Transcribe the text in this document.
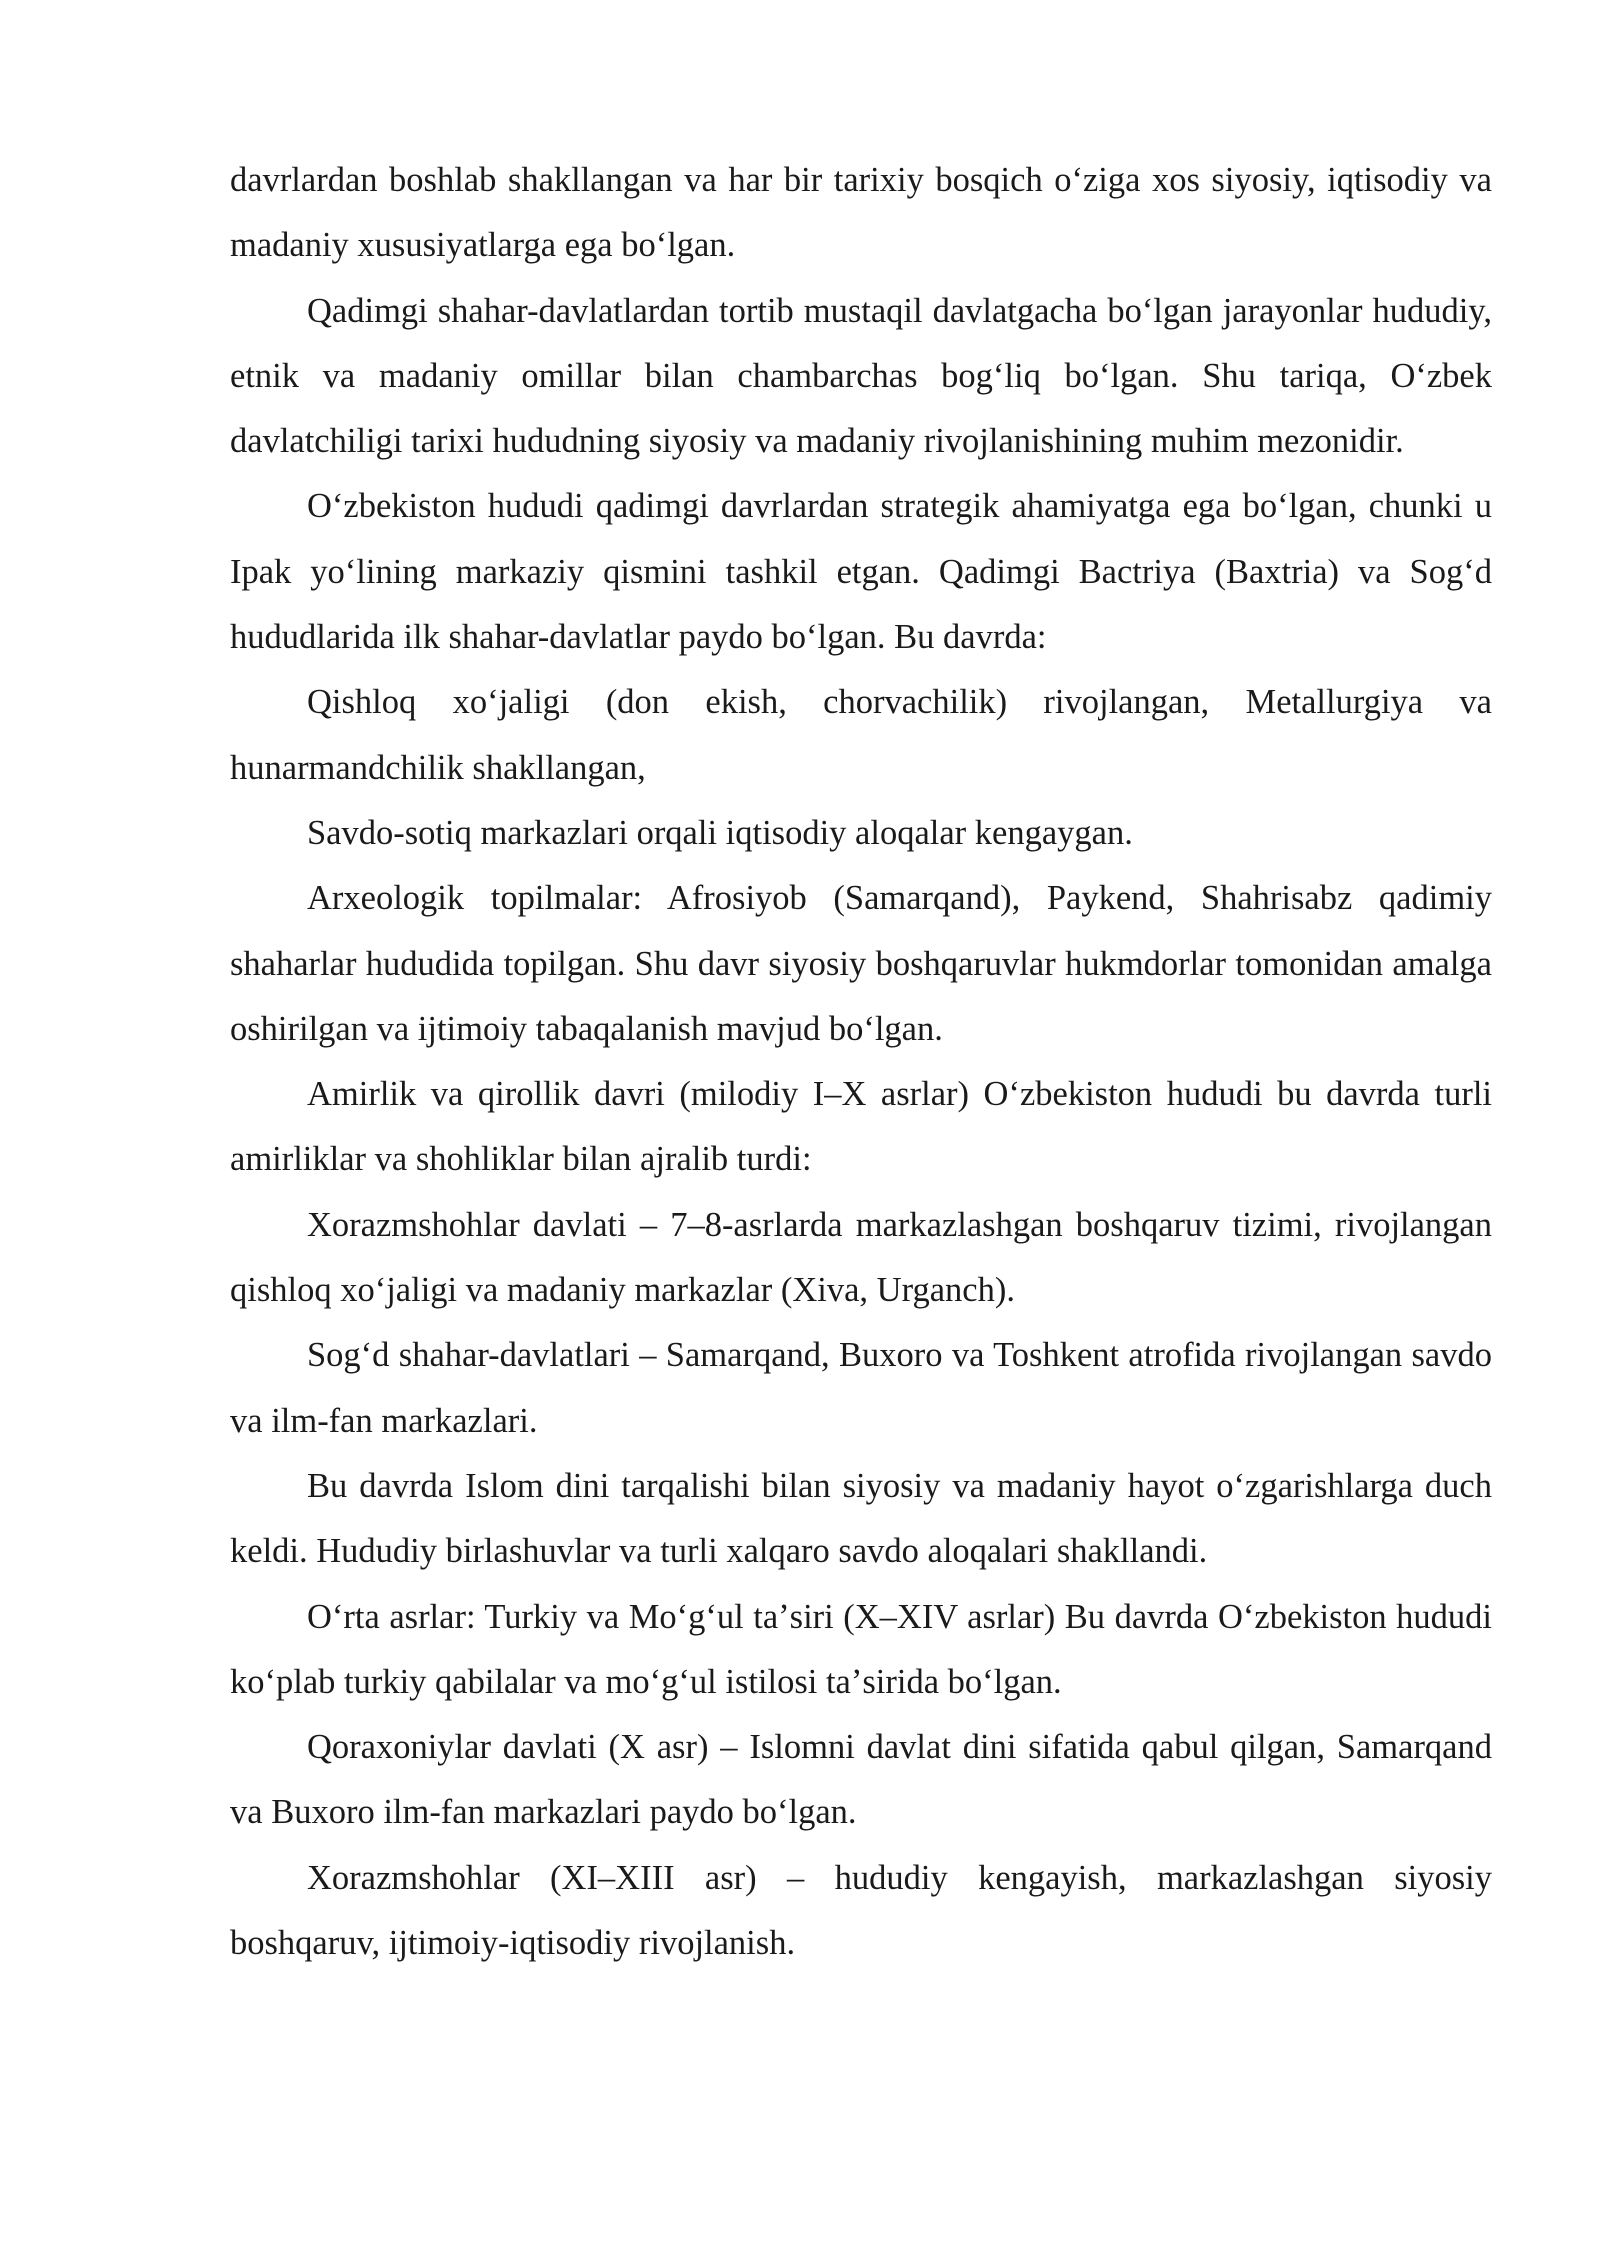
davrlardan boshlab shakllangan va har bir tarixiy bosqich oʻziga xos siyosiy, iqtisodiy va madaniy xususiyatlarga ega boʻlgan.

Qadimgi shahar-davlatlardan tortib mustaqil davlatgacha boʻlgan jarayonlar hududiy, etnik va madaniy omillar bilan chambarchas bogʻliq boʻlgan. Shu tariqa, Oʻzbek davlatchiligi tarixi hududning siyosiy va madaniy rivojlanishining muhim mezonidir.

Oʻzbekiston hududi qadimgi davrlardan strategik ahamiyatga ega boʻlgan, chunki u Ipak yoʻlining markaziy qismini tashkil etgan. Qadimgi Bactriya (Baxtria) va Sogʻd hududlarida ilk shahar-davlatlar paydo boʻlgan. Bu davrda:

Qishloq xoʻjaligi (don ekish, chorvachilik) rivojlangan, Metallurgiya va hunarmandchilik shakllangan,

Savdo-sotiq markazlari orqali iqtisodiy aloqalar kengaygan.

Arxeologik topilmalar: Afrosiyob (Samarqand), Paykend, Shahrisabz qadimiy shaharlar hududida topilgan. Shu davr siyosiy boshqaruvlar hukmdorlar tomonidan amalga oshirilgan va ijtimoiy tabaqalanish mavjud boʻlgan.

Amirlik va qirollik davri (milodiy I–X asrlar) Oʻzbekiston hududi bu davrda turli amirliklar va shohliklar bilan ajralib turdi:

Xorazmshohlar davlati – 7–8-asrlarda markazlashgan boshqaruv tizimi, rivojlangan qishloq xoʻjaligi va madaniy markazlar (Xiva, Urganch).

Sogʻd shahar-davlatlari – Samarqand, Buxoro va Toshkent atrofida rivojlangan savdo va ilm-fan markazlari.

Bu davrda Islom dini tarqalishi bilan siyosiy va madaniy hayot oʻzgarishlarga duch keldi. Hududiy birlashuvlar va turli xalqaro savdo aloqalari shakllandi.

Oʻrta asrlar: Turkiy va Moʻgʻul taʼsiri (X–XIV asrlar) Bu davrda Oʻzbekiston hududi koʻplab turkiy qabilalar va moʻgʻul istilosi taʼsirida boʻlgan.

Qoraxoniylar davlati (X asr) – Islomni davlat dini sifatida qabul qilgan, Samarqand va Buxoro ilm-fan markazlari paydo boʻlgan.

Xorazmshohlar (XI–XIII asr) – hududiy kengayish, markazlashgan siyosiy boshqaruv, ijtimoiy-iqtisodiy rivojlanish.
